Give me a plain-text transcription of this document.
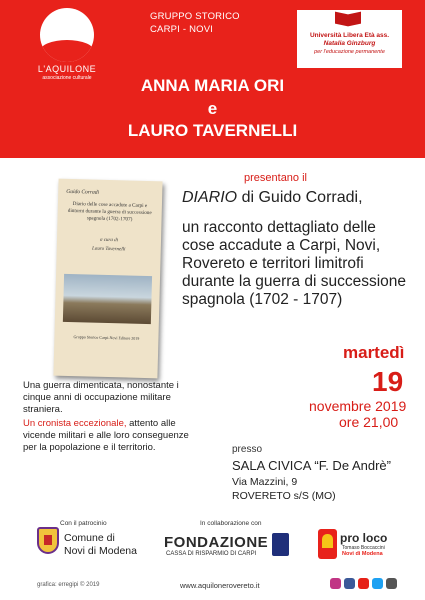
L'AQUILONE
associazione culturale
GRUPPO STORICO
CARPI - NOVI
Università Libera Età ass.
Natalia Ginzburg
per l'educazione permanente
ANNA MARIA ORI
e
LAURO TAVERNELLI
Guido Corradi
Diario delle cose accadute a Carpi e dintorni durante la guerra di successione spagnola (1702-1707)
a cura di
Lauro Tavernelli
Gruppo Storico Carpi-Novi Editore 2019
presentano il
DIARIO di Guido Corradi,
un racconto dettagliato delle cose accadute a Carpi, Novi, Rovereto e territori limitrofi durante la guerra di successione spagnola (1702 - 1707)
martedì
19
novembre 2019
ore 21,00
Una guerra dimenticata, nonostante i cinque anni di occupazione militare straniera.
Un cronista eccezionale, attento alle vicende militari e alle loro conseguenze per la popolazione e il territorio.	presso
SALA CIVICA “F. De Andrè”
Via Mazzini, 9
ROVERETO s/S (MO)
Con il patrocinio
Comune di
Novi di Modena
In collaborazione con
FONDAZIONE
CASSA DI RISPARMIO DI CARPI
pro loco
Tomaso Boccaccini
Novi di Modena
grafica: erregipi © 2019	www.aquilonerovereto.it
